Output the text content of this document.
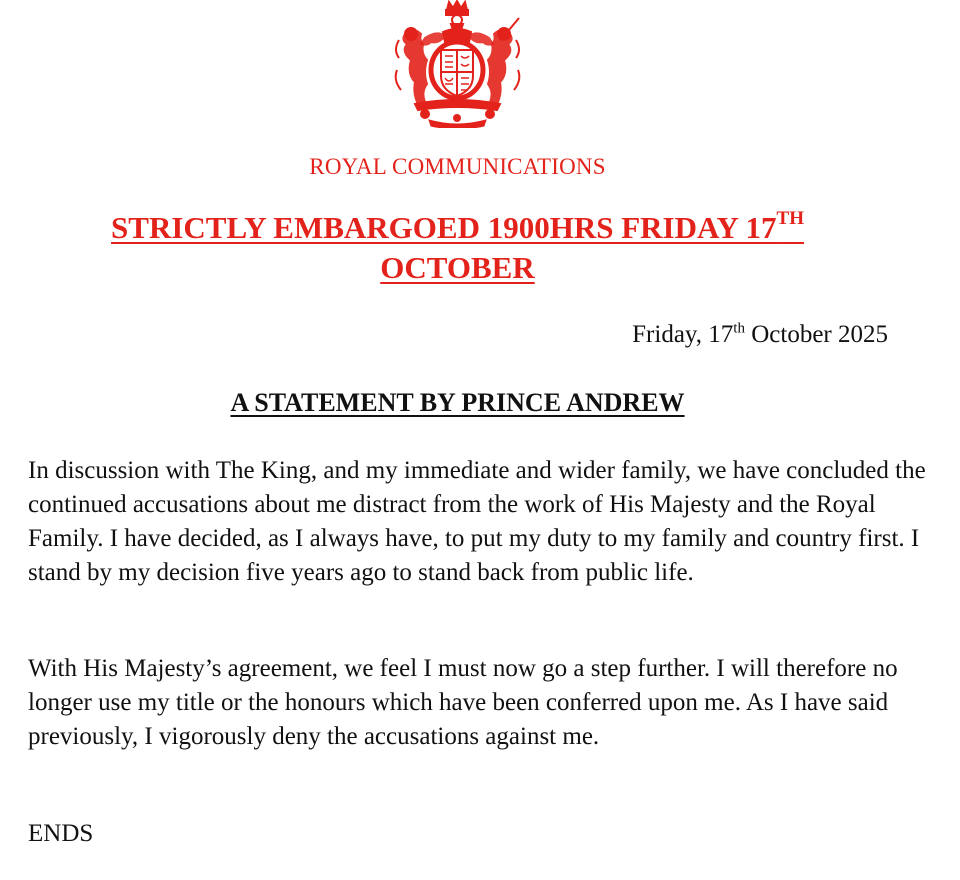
ROYAL COMMUNICATIONS
STRICTLY EMBARGOED 1900HRS FRIDAY 17TH
OCTOBER
Friday, 17th October 2025
A STATEMENT BY PRINCE ANDREW

In discussion with The King, and my immediate and wider family, we have concluded the continued accusations about me distract from the work of His Majesty and the Royal Family. I have decided, as I always have, to put my duty to my family and country first. I stand by my decision five years ago to stand back from public life.

With His Majesty’s agreement, we feel I must now go a step further. I will therefore no longer use my title or the honours which have been conferred upon me. As I have said previously, I vigorously deny the accusations against me.

ENDS
